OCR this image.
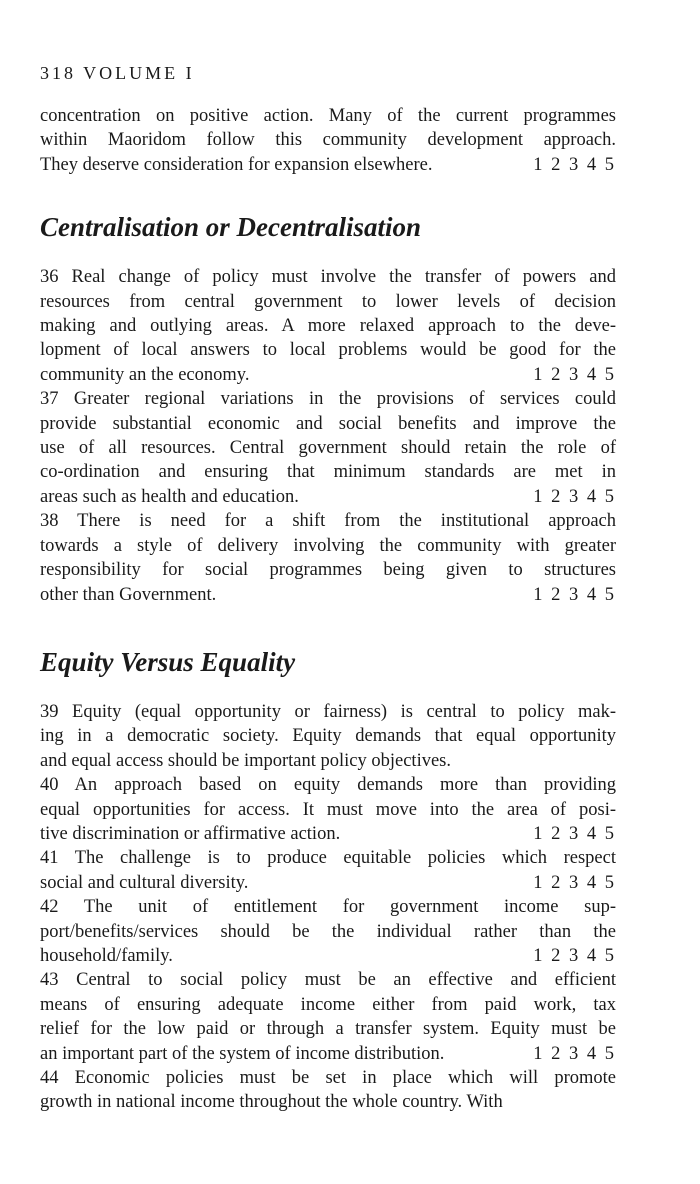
318 VOLUME I
concentration on positive action. Many of the current programmes
within Maoridom follow this community development approach.
They deserve consideration for expansion elsewhere.	1 2 3 4 5
Centralisation or Decentralisation
36 Real change of policy must involve the transfer of powers and
resources from central government to lower levels of decision
making and outlying areas. A more relaxed approach to the deve-
lopment of local answers to local problems would be good for the
community an the economy.	1 2 3 4 5
37 Greater regional variations in the provisions of services could
provide substantial economic and social benefits and improve the
use of all resources. Central government should retain the role of
co-ordination and ensuring that minimum standards are met in
areas such as health and education.	1 2 3 4 5
38 There is need for a shift from the institutional approach
towards a style of delivery involving the community with greater
responsibility for social programmes being given to structures
other than Government.	1 2 3 4 5
Equity Versus Equality
39 Equity (equal opportunity or fairness) is central to policy mak-
ing in a democratic society. Equity demands that equal opportunity
and equal access should be important policy objectives.
40 An approach based on equity demands more than providing
equal opportunities for access. It must move into the area of posi-
tive discrimination or affirmative action.	1 2 3 4 5
41 The challenge is to produce equitable policies which respect
social and cultural diversity.	1 2 3 4 5
42 The unit of entitlement for government income sup-
port/benefits/services should be the individual rather than the
household/family.	1 2 3 4 5
43 Central to social policy must be an effective and efficient
means of ensuring adequate income either from paid work, tax
relief for the low paid or through a transfer system. Equity must be
an important part of the system of income distribution.	1 2 3 4 5
44 Economic policies must be set in place which will promote
growth in national income throughout the whole country. With
